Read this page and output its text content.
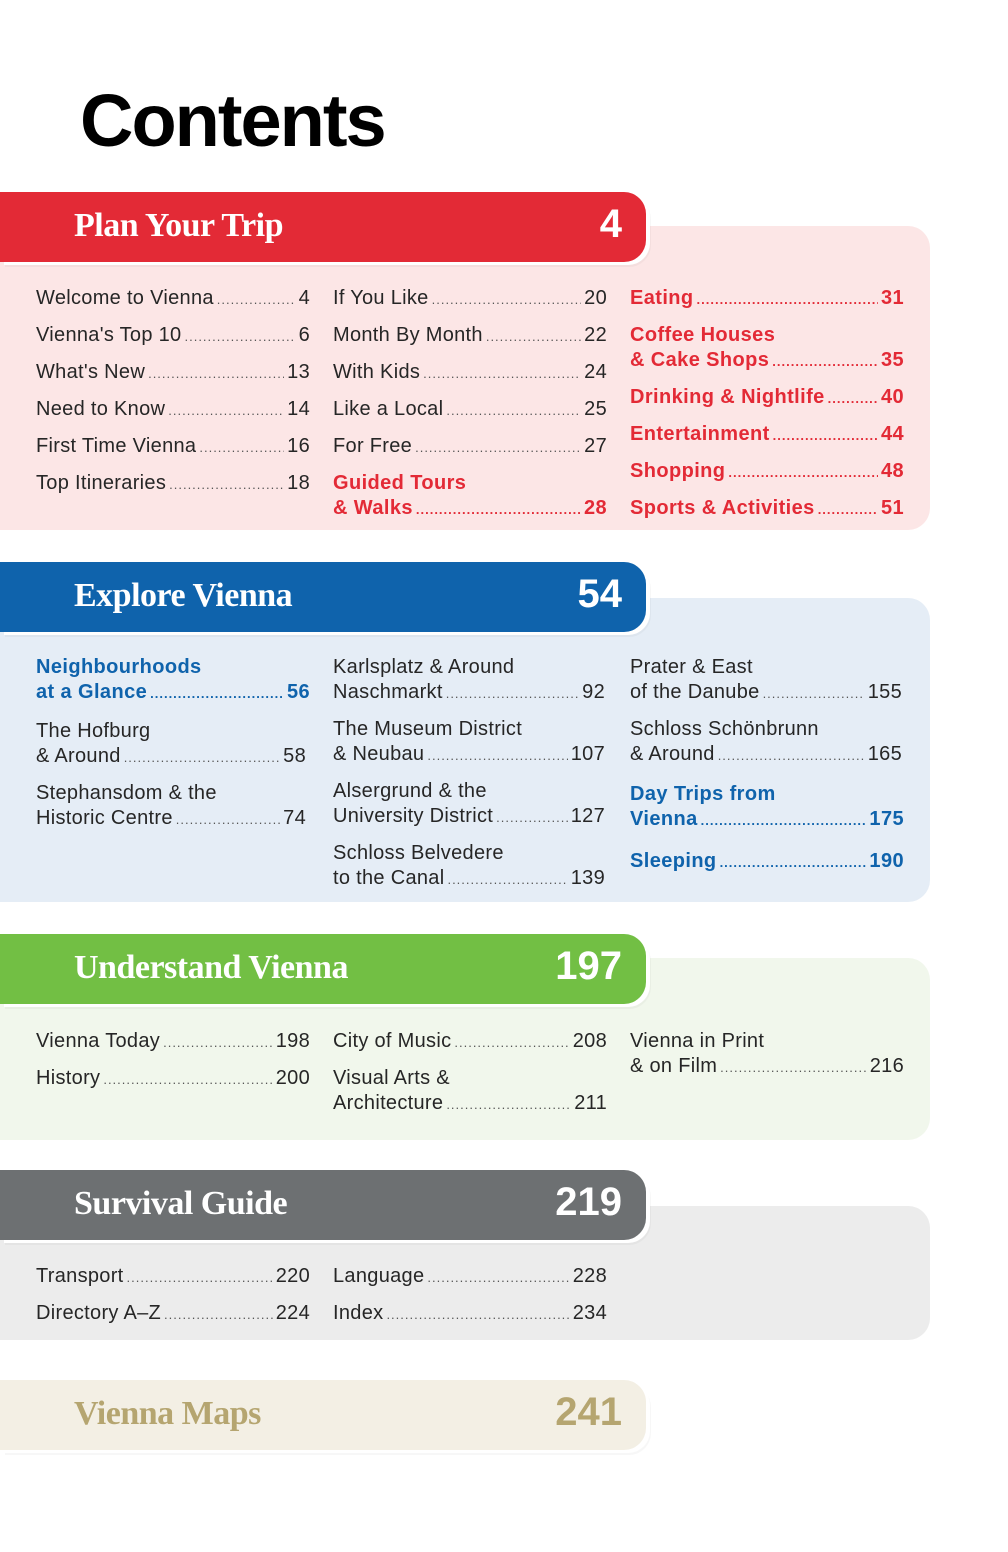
Contents
Plan Your Trip	4
Welcome to Vienna .....	4
Vienna's Top 10 .....	6
What's New .....	13
Need to Know .....	14
First Time Vienna .....	16
Top Itineraries .....	18
If You Like .....	20
Month By Month .....	22
With Kids .....	24
Like a Local .....	25
For Free .....	27
Guided Tours
& Walks .....	28
Eating .....	31
Coffee Houses
& Cake Shops .....	35
Drinking & Nightlife .....	40
Entertainment .....	44
Shopping .....	48
Sports & Activities .....	51
Explore Vienna	54
Neighbourhoods
at a Glance .....	56
The Hofburg
& Around .....	58
Stephansdom & the
Historic Centre .....	74
Karlsplatz & Around
Naschmarkt .....	92
The Museum District
& Neubau .....	107
Alsergrund & the
University District .....	127
Schloss Belvedere
to the Canal .....	139
Prater & East
of the Danube .....	155
Schloss Schönbrunn
& Around .....	165
Day Trips from
Vienna .....	175
Sleeping .....	190
Understand Vienna	197
Vienna Today .....	198
History .....	200
City of Music .....	208
Visual Arts &
Architecture .....	211
Vienna in Print
& on Film .....	216
Survival Guide	219
Transport .....	220
Directory A–Z .....	224
Language .....	228
Index .....	234
Vienna Maps	241
